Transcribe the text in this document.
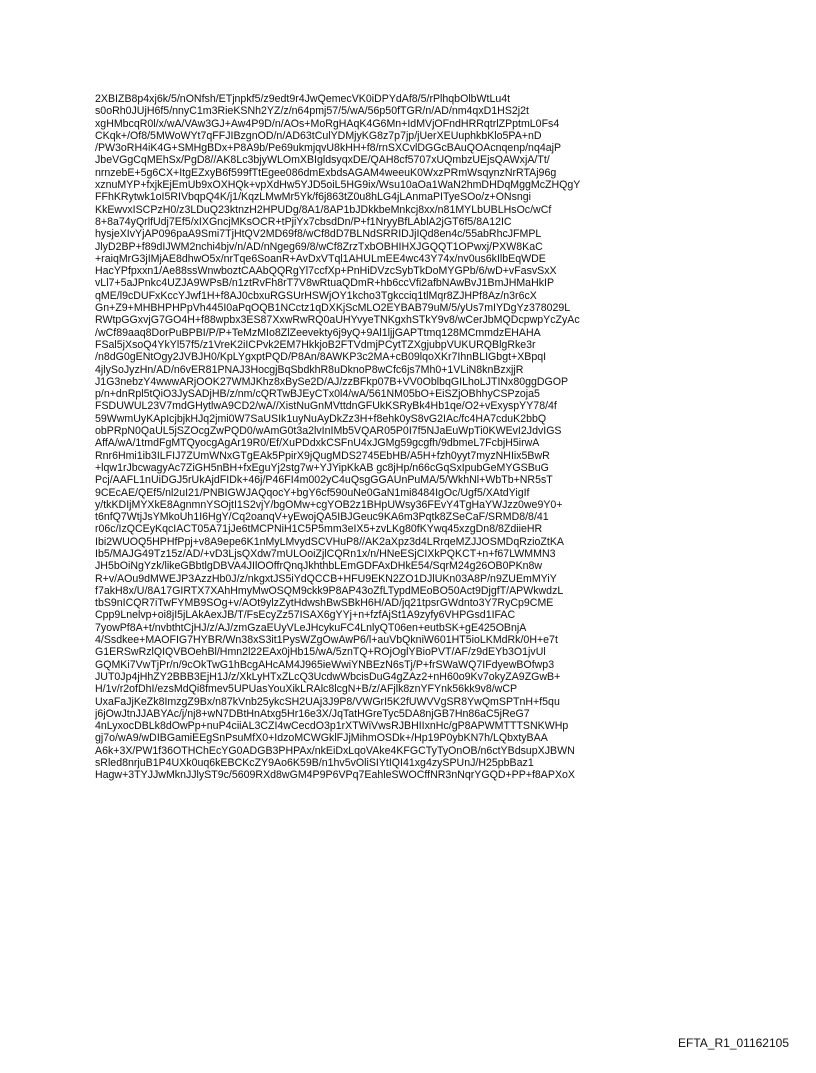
2XBIZB8p4xj6k/5/nONfsh/ETjnpkf5/z9edt9r4JwQemecVK0iDPYdAf8/5/rPlhqbOlbWtLu4t
s0oRh0JUjH6f5/nnyC1m3RieKSNh2YZ/z/n64pmj57/5/wA/56p50fTGR/n/AD/nm4qxD1HS2j2t
xgHMbcqR0l/x/wA/VAw3GJ+Aw4P9D/n/AOs+MoRgHAqK4G6Mn+IdMVjOFndHRRqtrlZPptmL0Fs4
CKqk+/Of8/5MWoWYt7qFFJIBzgnOD/n/AD63tCulYDMjyKG8z7p7jp/jUerXEUuphkbKlo5PA+nD
/PW3oRH4iK4G+SMHgBDx+P8A9b/Pe69ukmjqvU8kHH+f8/rnSXCvlDGGcBAuQOAcnqenp/nq4ajP
JbeVGgCqMEhSx/PgD8//AK8Lc3bjyWLOmXBIgldsyqxDE/QAH8cf5707xUQmbzUEjsQAWxjA/Tt/
nrnzebE+5g6CX+ItgEZxyB6f599fTtEgee086dmExbdsAGAM4weeuK0WxzPRmWsqynzNrRTAj96g
xznuMYP+fxjkEjEmUb9xOXHQk+vpXdHw5YJD5oiL5HG9ix/Wsu10aOa1WaN2hmDHDqMggMcZHQgY
FFhKRytwk1oI5RIVbqpQ4K/j1/KqzLMwMr5Yk/f6j863tZ0u8hLG4jLAnmaPITyeSOo/z+ONsngi
KkEwvxISCPzH0/z3LDuQ23ktnzH2HPUDg/8A1/8AP1bJDkkbeMnkcj8xx/n81MYLbUBLHsOc/wCf
8+8a74yQrlfUdj7Ef5/xIXGncjMKsOCR+tPjiYx7cbsdDn/P+f1NryyBfLAblA2jGT6f5/8A12IC
hysjeXIvYjAP096paA9Smi7TjHtQV2MD69f8/wCf8dD7BLNdSRRIDJjIQd8en4c/55abRhcJFMPL
JlyD2BP+f89dIJWM2nchi4bjv/n/AD/nNgeg69/8/wCf8ZrzTxbOBHIHXJGQQT1OPwxj/PXW8KaC
+raiqMrG3jIMjAE8dhwO5x/nrTqe6SoanR+AvDxVTql1AHULmEE4wc43Y74x/nv0us6kIlbEqWDE
HacYPfpxxn1/Ae88ssWnwboztCAAbQQRgYl7ccfXp+PnHiDVzcSybTkDoMYGPb/6/wD+vFasvSxX
vLl7+5aJPnkc4UZJA9WPsB/n1ztRvFh8rT7V8wRtuaQDmR+hb6ccVfi2afbNAwBvJ1BmJHMaHkIP
qME/l9cDUFxKccYJwf1H+f8AJ0cbxuRGSUrHSWjOY1kcho3Tgkcciq1tlMqr8ZJHPf8Az/n3r6cX
Gn+Z9+MHBHPHPpVh445I0aPqOQB1NCctz1qDXKjScMLO2EYBAB79uM/5/yUs7mIYDgYz378029L
RWtpGGxvjG7GO4H+f88wpbx3ES87XxwRwRQ0aUHYvyeTNKgxhSTkY9v8/wCerJbMQDcpwpYcZyAc
/wCf89aaq8DorPuBPBI/P/P+TeMzMIo8ZlZeevekty6j9yQ+9Al1ljjGAPTtmq128MCmmdzEHAHA
FSal5jXsoQ4YkYl57f5/z1VreK2iICPvk2EM7HkkjoB2FTVdmjPCytTZXgjubpVUKURQBlgRke3r
/n8dG0gENtOgy2JVBJH0/KpLYgxptPQD/P8An/8AWKP3c2MA+cB09lqoXKr7IhnBLIGbgt+XBpqI
4jlySoJyzHn/AD/n6vER81PNAJ3HocgjBqSbdkhR8uDknoP8wCfc6js7Mh0+1VLiN8knBzxjjR
J1G3nebzY4wwwARjOOK27WMJKhz8xBySe2D/AJ/zzBFkp07B+VV0OblbqGILhoLJTINx80ggDGOP
p/n+dnRpl5tQiO3JySADjHB/z/nm/cQRTwBJEyCTx0l4/wA/561NM05bO+EiSZjOBhhyCSPzoja5
FSDUWUL23V7mdGHytlwA9CD2/wA//XistNuGnMVttdnGFUkKSRyBk4Hb1qe/O2+vExyspYY78/4f
59WwmUyKApIcjbjkHJq2jmi0W7SaUSIk1uyNuAyDkZz3H+f8ehk0yS8vG2IAc/fc4HA7cduK2bbQ
obPRpN0QaUL5jSZOcgZwPQD0/wAmG0t3a2lvInIMb5VQAR05P0I7f5NJaEuWpTi0KWEvI2JdvIGS
AffA/wA/1tmdFgMTQyocgAgAr19R0/Ef/XuPDdxkCSFnU4xJGMg59gcgfh/9dbmeL7FcbjH5irwA
Rnr6Hmi1ib3ILFIJ7ZUmWNxGTgEAk5PpirX9jQugMDS2745EbHB/A5H+fzh0yyt7myzNHIix5BwR
+lqw1rJbcwagyAc7ZiGH5nBH+fxEguYj2stg7w+YJYipKkAB gc8jHp/n66cGqSxIpubGeMYGSBuG
Pcj/AAFL1nUiDGJ5rUkAjdFIDk+46j/P46FI4m002yC4uQsgGGAUnPuMA/5/WkhNl+WbTb+NR5sT
9CEcAE/QEf5/nl2uI21/PNBIGWJAQqocY+bgY6cf590uNe0GaN1mi8484IgOc/Ugf5/XAtdYigIf
y/tkKDIjMYXkE8AgnmnYSOjtI1S2vjY/bgOMw+cgYOB2z1BHpUWsy36FEvY4TgHaYWJzz0we9Y0+
t6nfQ7WtjJsYMkoUh1I6HgY/Cq2oanqV+yEwojQA5IBJGeuc9KA6m3Pqtk8ZSeCaF/SRMD8/8/41
r06c/IzQCEyKqcIACT05A71jJe6tMCPNiH1C5P5mm3eIX5+zvLKg80fKYwq45xzgDn8/8ZdiieHR
Ibi2WUOQ5HPHfPpj+v8A9epe6K1nMyLMvydSCVHuP8//AK2aXpz3d4LRrqeMZJJOSMDqRzioZtKA
Ib5/MAJG49Tz15z/AD/+vD3LjsQXdw7mULOoiZjlCQRn1x/n/HNeESjCIXkPQKCT+n+f67LWMMN3
JH5bOiNgYzk/likeGBbtlgDBVA4JIlOOffrQnqJkhthbLEmGDFAxDHkE54/SqrM24g26OB0PKn8w
R+v/AOu9dMWEJP3AzzHb0J/z/nkgxtJS5iYdQCCB+HFU9EKN2ZO1DJlUKn03A8P/n9ZUEmMYiY
f7akH8x/U/8A17GIRTX7XAhHmyMwOSQM9ckk9P8AP43oZfLTypdMEoBO50Act9DjgfT/APWkwdzL
tbS9nICQR7iTwFYMB9SOg+v/AOt9ylzZytHdwshBwSBkH6H/AD/jq21tpsrGWdnto3Y7RyCp9CME
Cpp9Lnelvp+oi8jI5jLAkAexJB/T/FsEcyZz57ISAX6gYYj+n+fzfAjSt1A9zyfy6VHPGsd1IFAC
7yowPf8A+t/nvbthtCjHJ/z/AJ/zmGzaEUyVLeJHcykuFC4LnlyQT06en+eutbSK+gE425OBnjA
4/Ssdkee+MAOFIG7HYBR/Wn38xS3it1PysWZgOwAwP6/l+auVbQkniW601HT5ioLKMdRk/0H+e7t
G1ERSwRzlQIQVBOehBl/Hmn2l22EAx0jHb15/wA/5znTQ+ROjOglYBioPVT/AF/z9dEYb3O1jvUl
GQMKi7VwTjPr/n/9cOkTwG1hBcgAHcAM4J965ieWwiYNBEzN6sTj/P+frSWaWQ7IFdyewBOfwp3
JUT0Jp4jHhZY2BBB3EjH1J/z/XkLyHTxZLcQ3UcdwWbcisDuG4gZAz2+nH60o9Kv7okyZA9ZGwB+
H/1v/r2ofDhI/ezsMdQi8fmev5UPUasYouXikLRAlc8lcgN+B/z/AFjlk8znYFYnk56kk9v8/wCP
UxaFaJjKeZk8ImzgZ9Bx/n87kVnb25ykcSH2UAj3J9P8/VWGrI5K2fUWVVgSR8YwQmSPTnH+f5qu
j6jOwJtnJJABYAc/j/nj8+wN7DBtHnAtxg5Hr16e3X/JqTatHGreTyc5DA8njGB7Hn86aC5jReG7
4nLyxocDBLk8dOwPp+nuP4ciiAL3CZI4wCecdO3p1rXTWiVwsRJBHIIxnHc/gP8APWMTTTSNKWHp
gj7o/wA9/wDIBGamiEEgSnPsuMfX0+IdzoMCWGklFJjMihmOSDk+/Hp19P0ybKN7h/LQbxtyBAA
A6k+3X/PW1f36OTHChEcYG0ADGB3PHPAx/nkEiDxLqoVAke4KFGCTyTyOnOB/n6ctYBdsupXJBWN
sRled8nrjuB1P4UXk0uq6kEBCKcZY9Ao6K59B/n1hv5vOliSIYtIQI41xg4zySPUnJ/H25pbBaz1
Hagw+3TYJJwMknJJlyST9c/5609RXd8wGM4P9P6VPq7EahleSWOCffNR3nNqrYGQD+PP+f8APXoX
EFTA_R1_01162105
